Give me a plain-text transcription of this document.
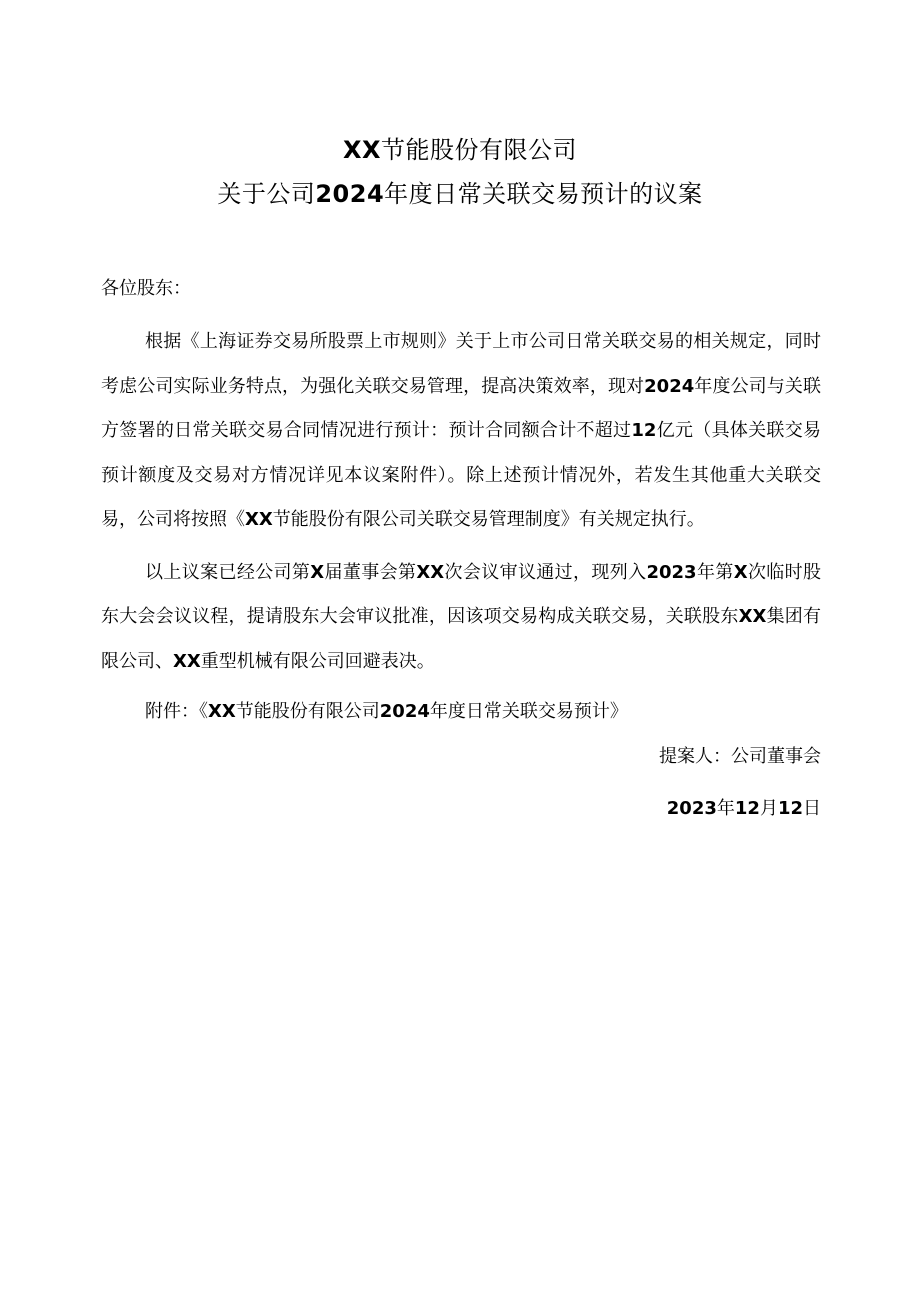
XX节能股份有限公司
关于公司2024年度日常关联交易预计的议案

各位股东：

根据《上海证券交易所股票上市规则》关于上市公司日常关联交易的相关规定，同时考虑公司实际业务特点，为强化关联交易管理，提高决策效率，现对2024年度公司与关联方签署的日常关联交易合同情况进行预计：预计合同额合计不超过12亿元（具体关联交易预计额度及交易对方情况详见本议案附件）。除上述预计情况外，若发生其他重大关联交易，公司将按照《XX节能股份有限公司关联交易管理制度》有关规定执行。

以上议案已经公司第X届董事会第XX次会议审议通过，现列入2023年第X次临时股东大会会议议程，提请股东大会审议批准，因该项交易构成关联交易，关联股东XX集团有限公司、XX重型机械有限公司回避表决。

附件：《XX节能股份有限公司2024年度日常关联交易预计》

提案人：公司董事会

2023年12月12日
